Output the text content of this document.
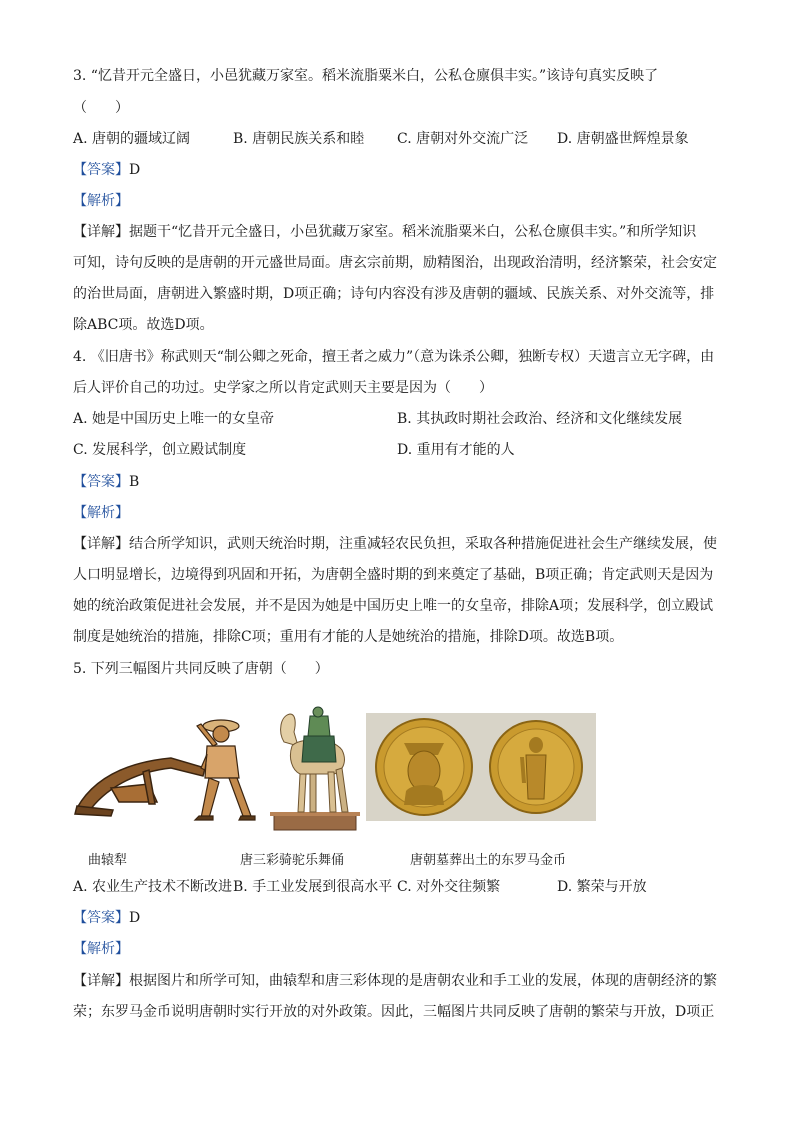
3. “忆昔开元全盛日，小邑犹藏万家室。稻米流脂粟米白，公私仓廪俱丰实。”该诗句真实反映了
（　　）
A. 唐朝的疆域辽阔	B. 唐朝民族关系和睦 C. 唐朝对外交流广泛 D. 唐朝盛世辉煌景象
【答案】D
【解析】
【详解】据题干“忆昔开元全盛日，小邑犹藏万家室。稻米流脂粟米白，公私仓廪俱丰实。”和所学知识
可知，诗句反映的是唐朝的开元盛世局面。唐玄宗前期，励精图治，出现政治清明，经济繁荣，社会安定
的治世局面，唐朝进入繁盛时期，D项正确；诗句内容没有涉及唐朝的疆域、民族关系、对外交流等，排
除ABC项。故选D项。
4. 《旧唐书》称武则天“制公卿之死命，擅王者之威力”（意为诛杀公卿，独断专权）天遗言立无字碑，由
后人评价自己的功过。史学家之所以肯定武则天主要是因为（　　）
A. 她是中国历史上唯一的女皇帝	B. 其执政时期社会政治、经济和文化继续发展
C. 发展科学，创立殿试制度	D. 重用有才能的人
【答案】B
【解析】
【详解】结合所学知识，武则天统治时期，注重减轻农民负担，采取各种措施促进社会生产继续发展，使
人口明显增长，边境得到巩固和开拓，为唐朝全盛时期的到来奠定了基础，B项正确；肯定武则天是因为
她的统治政策促进社会发展，并不是因为她是中国历史上唯一的女皇帝，排除A项；发展科学，创立殿试
制度是她统治的措施，排除C项；重用有才能的人是她统治的措施，排除D项。故选B项。
5. 下列三幅图片共同反映了唐朝（　　）
曲辕犁	唐三彩骑驼乐舞俑	唐朝墓葬出土的东罗马金币
A. 农业生产技术不断改进 B. 手工业发展到很高水平 C. 对外交往频繁	D. 繁荣与开放
【答案】D
【解析】
【详解】根据图片和所学可知，曲辕犁和唐三彩体现的是唐朝农业和手工业的发展，体现的唐朝经济的繁
荣；东罗马金币说明唐朝时实行开放的对外政策。因此，三幅图片共同反映了唐朝的繁荣与开放，D项正
